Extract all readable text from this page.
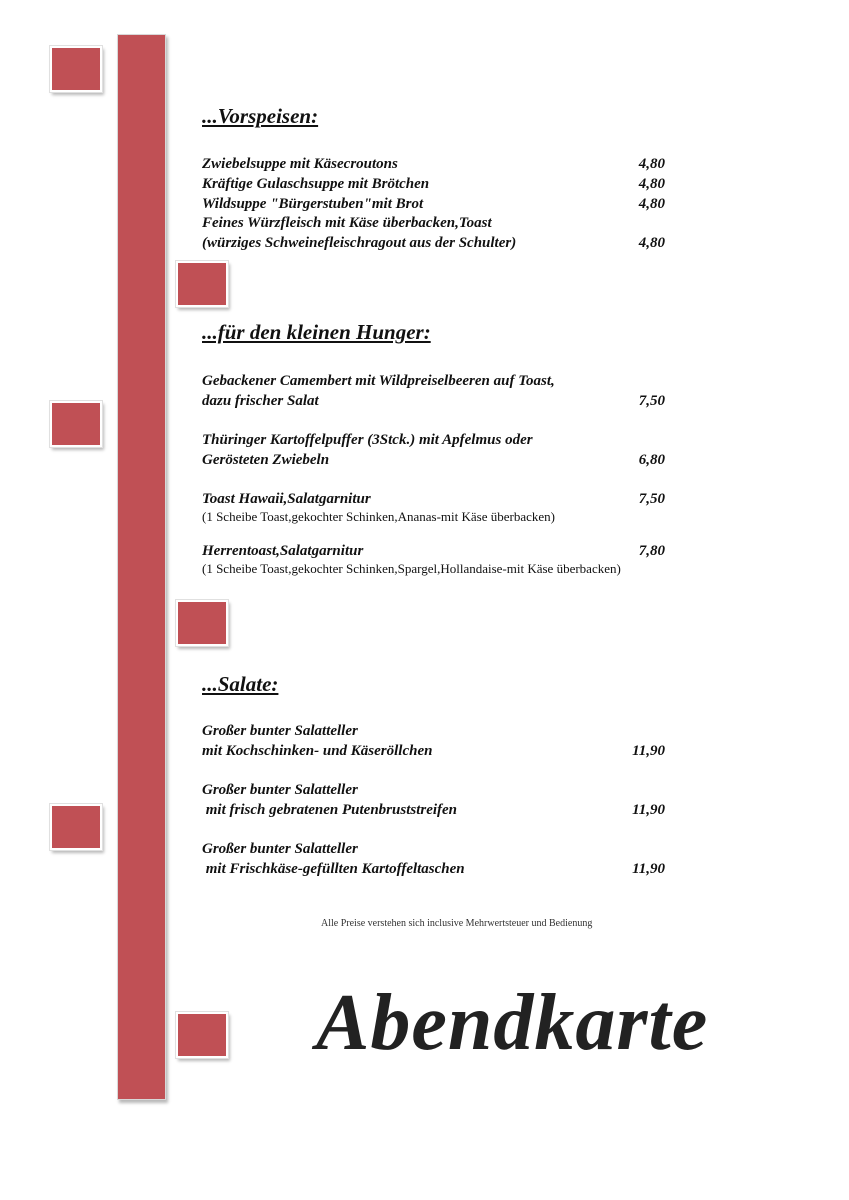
...Vorspeisen:
Zwiebelsuppe mit Käsecroutons	4,80
Kräftige Gulaschsuppe mit Brötchen	4,80
Wildsuppe "Bürgerstuben"mit Brot	4,80
Feines Würzfleisch mit Käse überbacken,Toast
(würziges Schweinefleischragout aus der Schulter)	4,80
...für den kleinen Hunger:
Gebackener Camembert mit Wildpreiselbeeren auf Toast,
dazu frischer Salat	7,50
Thüringer Kartoffelpuffer (3Stck.) mit Apfelmus oder
Gerösteten Zwiebeln	6,80
Toast Hawaii,Salatgarnitur	7,50
(1 Scheibe Toast,gekochter Schinken,Ananas-mit Käse überbacken)
Herrentoast,Salatgarnitur	7,80
(1 Scheibe Toast,gekochter Schinken,Spargel,Hollandaise-mit Käse überbacken)
...Salate:
Großer bunter Salatteller
mit Kochschinken- und Käseröllchen	11,90
Großer bunter Salatteller
mit frisch gebratenen Putenbruststreifen	11,90
Großer bunter Salatteller
mit Frischkäse-gefüllten Kartoffeltaschen	11,90
Alle Preise verstehen sich inclusive Mehrwertsteuer und Bedienung
Abendkarte
